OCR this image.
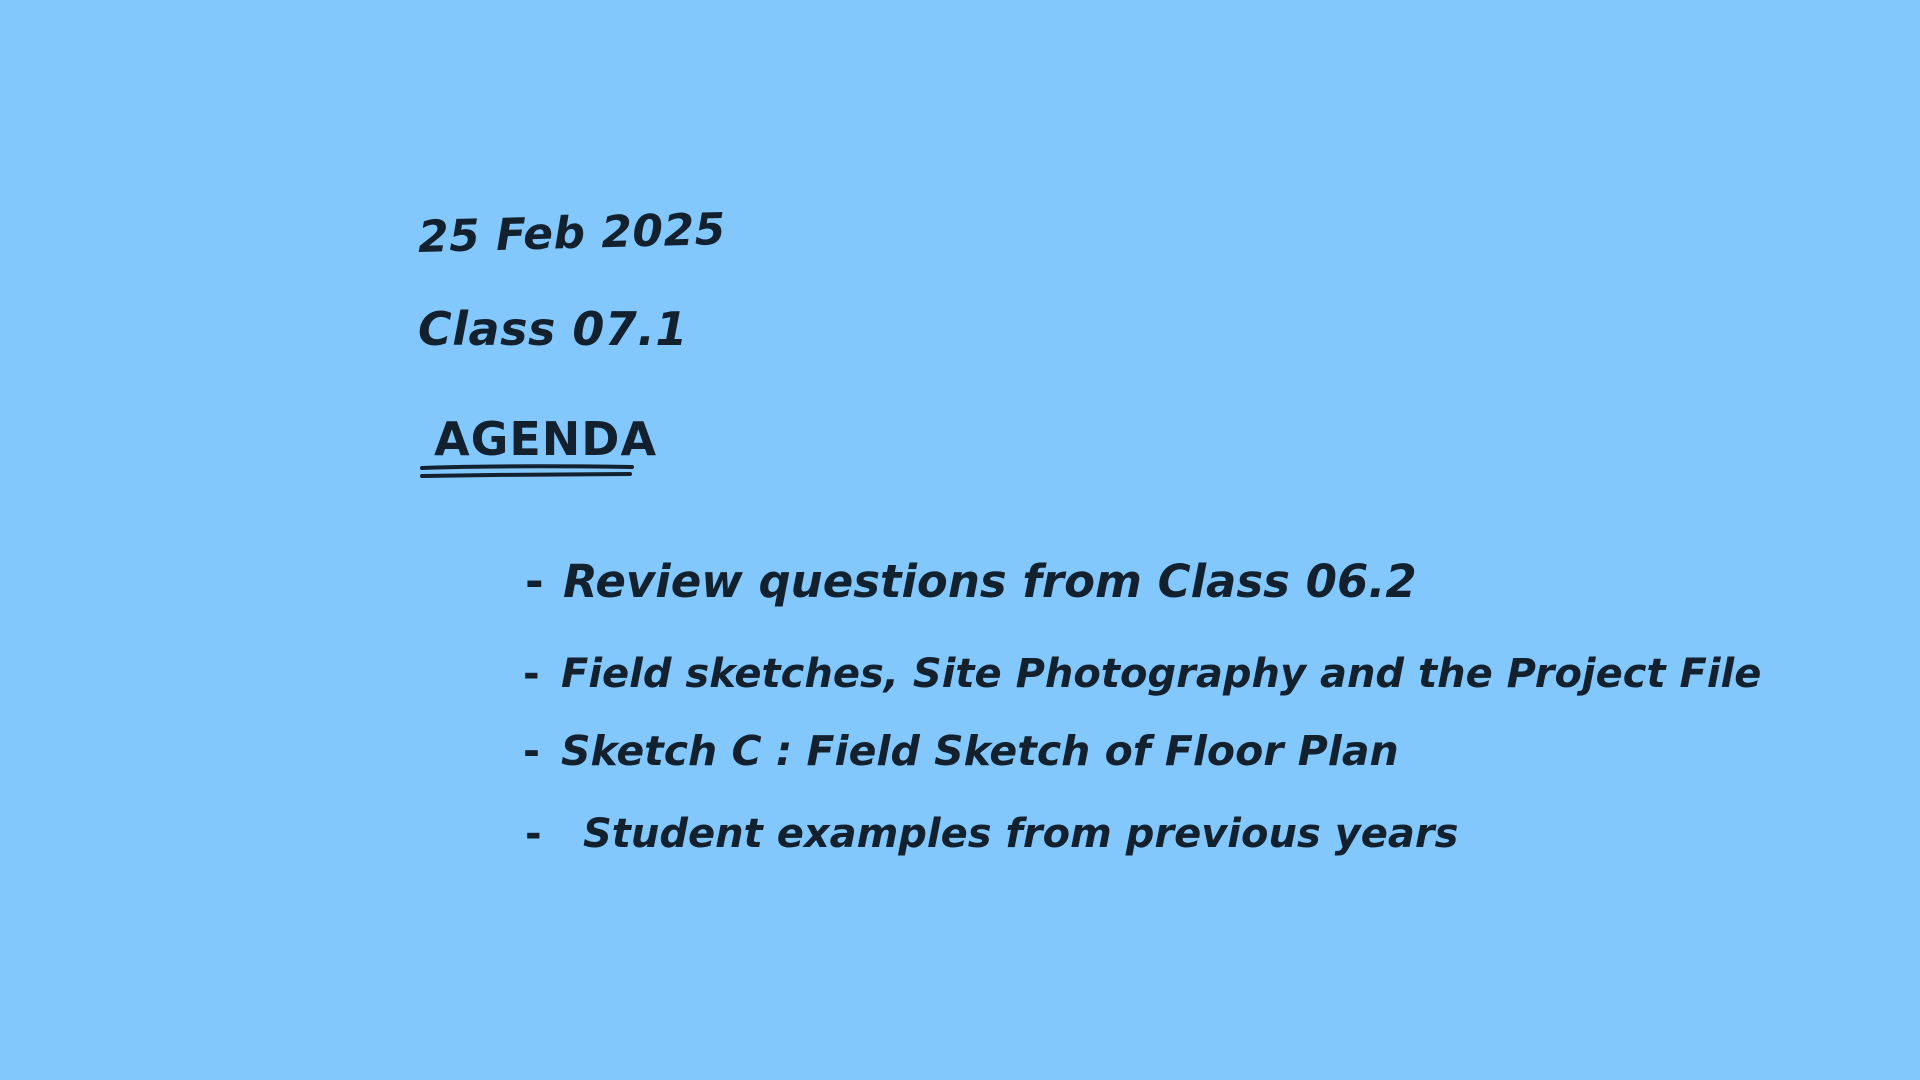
25 Feb 2025
Class 07.1
AGENDA
- Review questions from Class 06.2
- Field sketches, Site Photography and the Project File
- Sketch C : Field Sketch of Floor Plan
- Student examples from previous years
